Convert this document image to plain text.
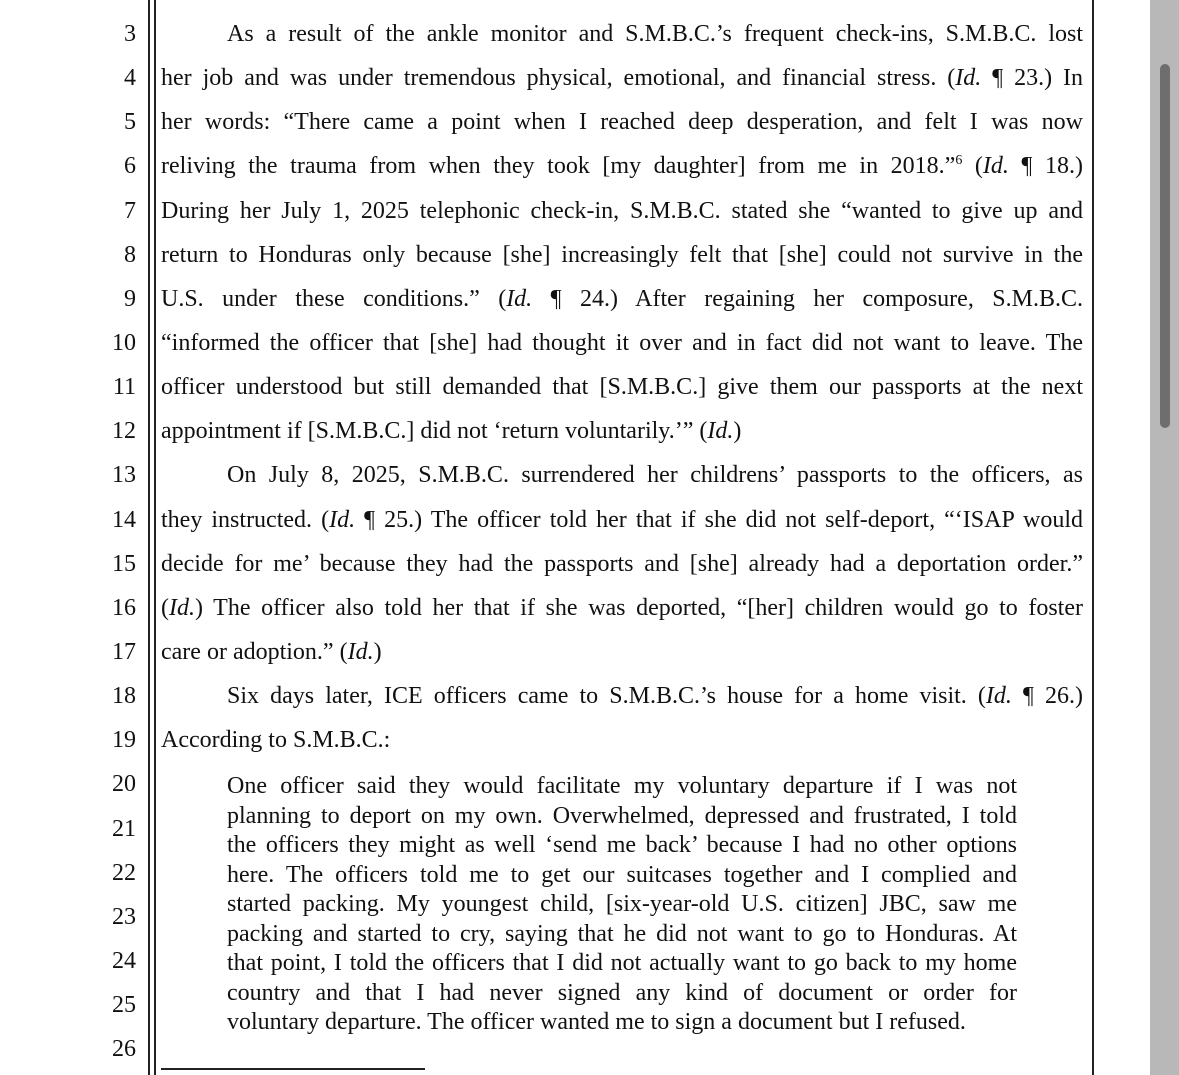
3
4
5
6
7
8
9
10
11
12
13
14
15
16
17
18
19
20
21
22
23
24
25
26
As a result of the ankle monitor and S.M.B.C.’s frequent check-ins, S.M.B.C. lost
her job and was under tremendous physical, emotional, and financial stress. (Id. ¶ 23.) In
her words: “There came a point when I reached deep desperation, and felt I was now
reliving the trauma from when they took [my daughter] from me in 2018.”$^6$ (Id. ¶ 18.)
During her July 1, 2025 telephonic check-in, S.M.B.C. stated she “wanted to give up and
return to Honduras only because [she] increasingly felt that [she] could not survive in the
U.S. under these conditions.” (Id. ¶ 24.) After regaining her composure, S.M.B.C.
“informed the officer that [she] had thought it over and in fact did not want to leave. The
officer understood but still demanded that [S.M.B.C.] give them our passports at the next
appointment if [S.M.B.C.] did not ‘return voluntarily.’” (Id.)
On July 8, 2025, S.M.B.C. surrendered her childrens’ passports to the officers, as
they instructed. (Id. ¶ 25.) The officer told her that if she did not self-deport, “‘ISAP would
decide for me’ because they had the passports and [she] already had a deportation order.”
(Id.) The officer also told her that if she was deported, “[her] children would go to foster
care or adoption.” (Id.)
Six days later, ICE officers came to S.M.B.C.’s house for a home visit. (Id. ¶ 26.)
According to S.M.B.C.:
One officer said they would facilitate my voluntary departure if I was not
planning to deport on my own. Overwhelmed, depressed and frustrated, I told
the officers they might as well ‘send me back’ because I had no other options
here. The officers told me to get our suitcases together and I complied and
started packing. My youngest child, [six-year-old U.S. citizen] JBC, saw me
packing and started to cry, saying that he did not want to go to Honduras. At
that point, I told the officers that I did not actually want to go back to my home
country and that I had never signed any kind of document or order for
voluntary departure. The officer wanted me to sign a document but I refused.
